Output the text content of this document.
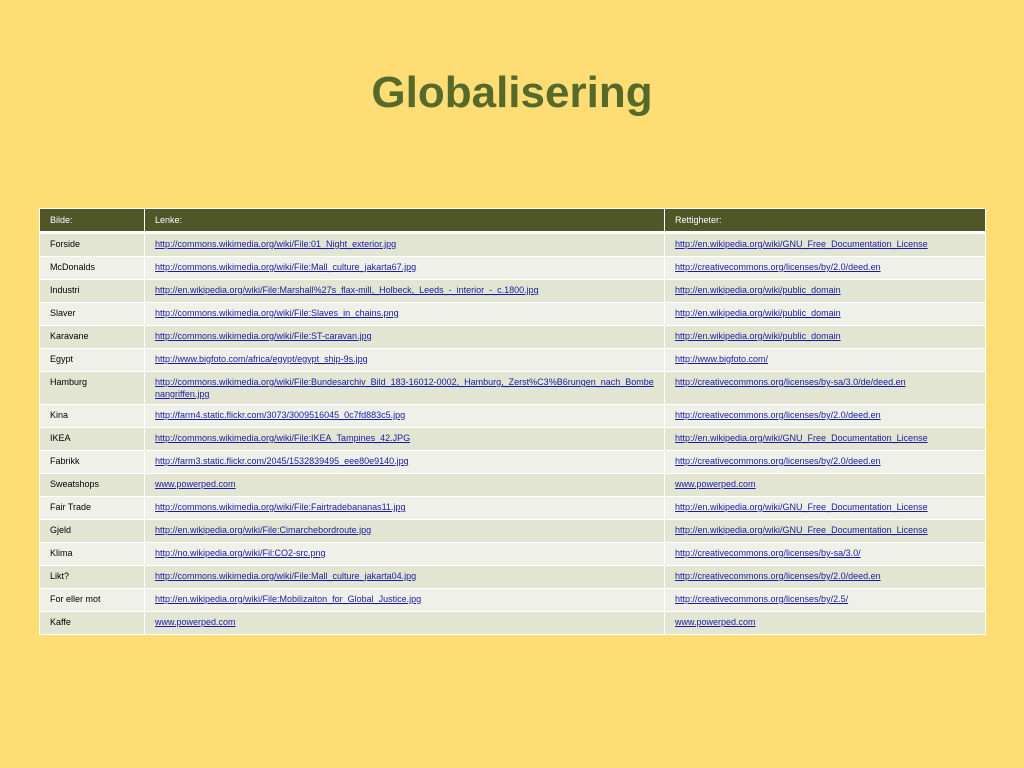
Globalisering
Bilde:	Lenke:	Rettigheter:
Forside	http://commons.wikimedia.org/wiki/File:01_Night_exterior.jpg	http://en.wikipedia.org/wiki/GNU_Free_Documentation_License
McDonalds	http://commons.wikimedia.org/wiki/File:Mall_culture_jakarta67.jpg	http://creativecommons.org/licenses/by/2.0/deed.en
Industri	http://en.wikipedia.org/wiki/File:Marshall%27s_flax-mill,_Holbeck,_Leeds_-_interior_-_c.1800.jpg	http://en.wikipedia.org/wiki/public_domain
Slaver	http://commons.wikimedia.org/wiki/File:Slaves_in_chains.png	http://en.wikipedia.org/wiki/public_domain
Karavane	http://commons.wikimedia.org/wiki/File:ST-caravan.jpg	http://en.wikipedia.org/wiki/public_domain
Egypt	http://www.bigfoto.com/africa/egypt/egypt_ship-9s.jpg	http://www.bigfoto.com/
Hamburg	http://commons.wikimedia.org/wiki/File:Bundesarchiv_Bild_183-16012-0002,_Hamburg,_Zerst%C3%B6rungen_nach_Bombenangriffen.jpg	http://creativecommons.org/licenses/by-sa/3.0/de/deed.en
Kina	http://farm4.static.flickr.com/3073/3009516045_0c7fd883c5.jpg	http://creativecommons.org/licenses/by/2.0/deed.en
IKEA	http://commons.wikimedia.org/wiki/File:IKEA_Tampines_42.JPG	http://en.wikipedia.org/wiki/GNU_Free_Documentation_License
Fabrikk	http://farm3.static.flickr.com/2045/1532839495_eee80e9140.jpg	http://creativecommons.org/licenses/by/2.0/deed.en
Sweatshops	www.powerped.com	www.powerped.com
Fair Trade	http://commons.wikimedia.org/wiki/File:Fairtradebananas11.jpg	http://en.wikipedia.org/wiki/GNU_Free_Documentation_License
Gjeld	http://en.wikipedia.org/wiki/File:Cimarchebordroute.jpg	http://en.wikipedia.org/wiki/GNU_Free_Documentation_License
Klima	http://no.wikipedia.org/wiki/Fil:CO2-src.png	http://creativecommons.org/licenses/by-sa/3.0/
Likt?	http://commons.wikimedia.org/wiki/File:Mall_culture_jakarta04.jpg	http://creativecommons.org/licenses/by/2.0/deed.en
For eller mot	http://en.wikipedia.org/wiki/File:Mobilizaiton_for_Global_Justice.jpg	http://creativecommons.org/licenses/by/2.5/
Kaffe	www.powerped.com	www.powerped.com
